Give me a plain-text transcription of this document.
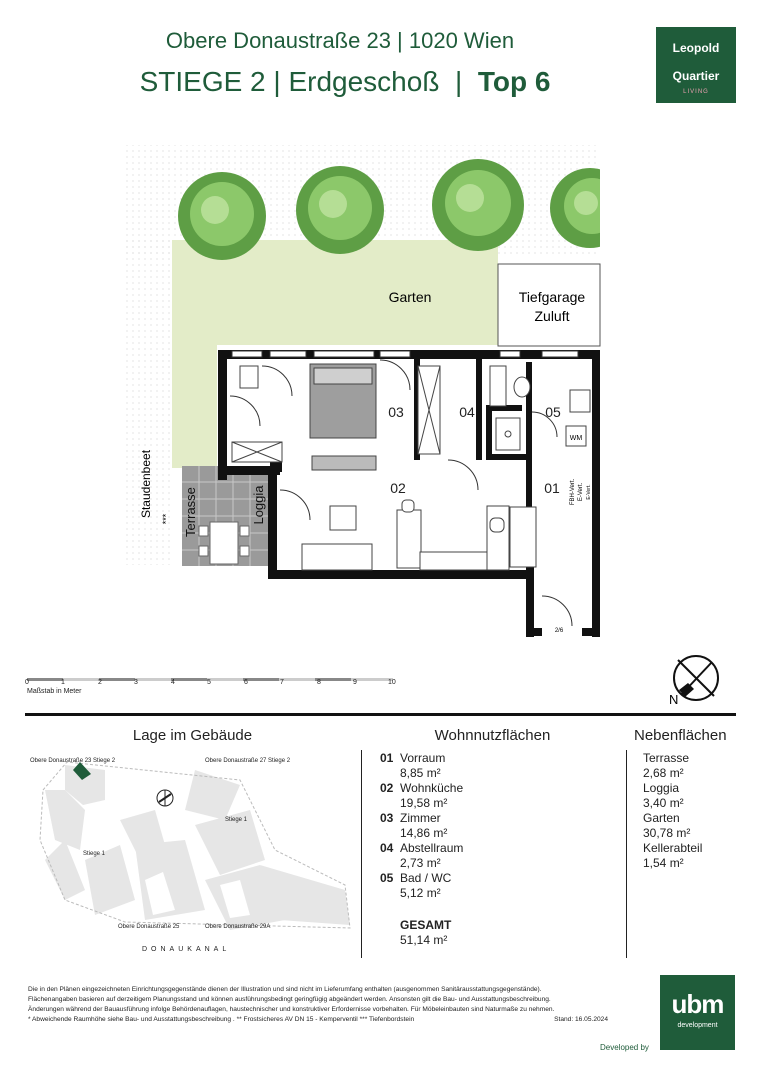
Obere Donaustraße 23 | 1020 Wien
STIEGE 2 | Erdgeschoß | Top 6
Leopold
Quartier
LIVING
Garten	Tiefgarage
Zuluft
Staudenbeet
*** Terrasse	Loggia
WM
03	04	05
02	01
2/6
FBH-Vert. E-Vert. E-Vert.
N
0	1	2	3	4	5	6	7	8	9	10
Maßstab in Meter
Lage im Gebäude
Obere Donaustraße 23 Stiege 2	Obere Donaustraße 27 Stiege 2
Stiege 1
Stiege 1
Obere Donaustraße 25	Obere Donaustraße 29A
DONAUKANAL
Wohnnutzflächen
01 Vorraum
8,85 m²
02 Wohnküche
19,58 m²
03 Zimmer
14,86 m²
04 Abstellraum
2,73 m²
05 Bad / WC
5,12 m²
GESAMT
51,14 m²
Nebenflächen
Terrasse
2,68 m²
Loggia
3,40 m²
Garten
30,78 m²
Kellerabteil
1,54 m²
Die in den Plänen eingezeichneten Einrichtungsgegenstände dienen der Illustration und sind nicht im Lieferumfang enthalten (ausgenommen Sanitärausstattungsgegenstände).
Flächenangaben basieren auf derzeitigem Planungsstand und können ausführungsbedingt geringfügig abgeändert werden. Ansonsten gilt die Bau- und Ausstattungsbeschreibung.
Änderungen während der Bauausführung infolge Behördenauflagen, haustechnischer und konstruktiver Erfordernisse vorbehalten. Für Möbeleinbauten sind Naturmaße zu nehmen.
* Abweichende Raumhöhe siehe Bau- und Ausstattungsbeschreibung . ** Frostsicheres AV DN 15 - Kemperventil *** Tiefenbordstein	Stand: 16.05.2024
ubm
development
Developed by
